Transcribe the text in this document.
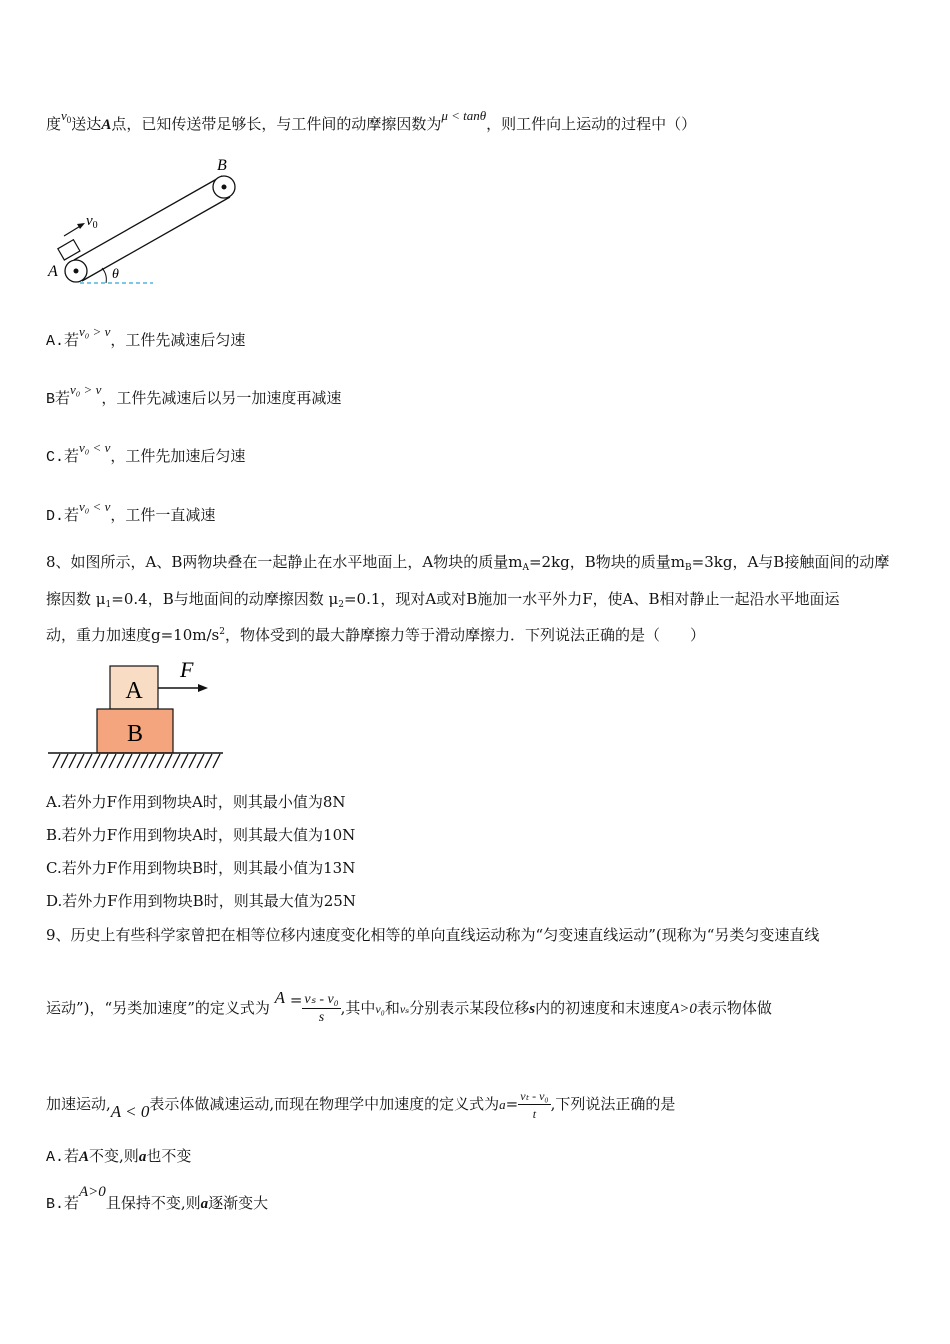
度$v_0$送达A点，已知传送带足够长，与工件间的动摩擦因数为μ < tanθ，则工件向上运动的过程中（）
$v_0$
B
A	θ
A.若v₀ > v，工件先减速后匀速
B若v₀ > v，工件先减速后以另一加速度再减速
C.若v₀ < v，工件先加速后匀速
D.若v₀ < v，工件一直减速
8、如图所示，A、B两物块叠在一起静止在水平地面上，A物块的质量$m_A=2kg$，B物块的质量$m_B=3kg$，A与B接触面间的动摩
擦因数 $\mu_1=0.4$，B与地面间的动摩擦因数 $\mu_2=0.1$，现对A或对B施加一水平外力F，使A、B相对静止一起沿水平地面运
动，重力加速度$g=10m/s^2$，物体受到的最大静摩擦力等于滑动摩擦力．下列说法正确的是（　　）
A
B
F
A.若外力F作用到物块A时，则其最小值为8N
B.若外力F作用到物块A时，则其最大值为10N
C.若外力F作用到物块B时，则其最小值为13N
D.若外力F作用到物块B时，则其最大值为25N
9、历史上有些科学家曾把在相等位移内速度变化相等的单向直线运动称为“匀变速直线运动”(现称为“另类匀变速直线
运动”)，“另类加速度”的定义式为 $A = \frac{\text{vₛ - v₀}}{s}$ ,其中v₀和vₛ分别表示某段位移s内的初速度和末速度A>0表示物体做
加速运动,A < 0表示体做减速运动,而现在物理学中加速度的定义式为$a= \frac{\text{vₜ - v₀}}{t}$ ,下列说法正确的是
A.若A不变,则a也不变
B.若A>0且保持不变,则a逐渐变大
